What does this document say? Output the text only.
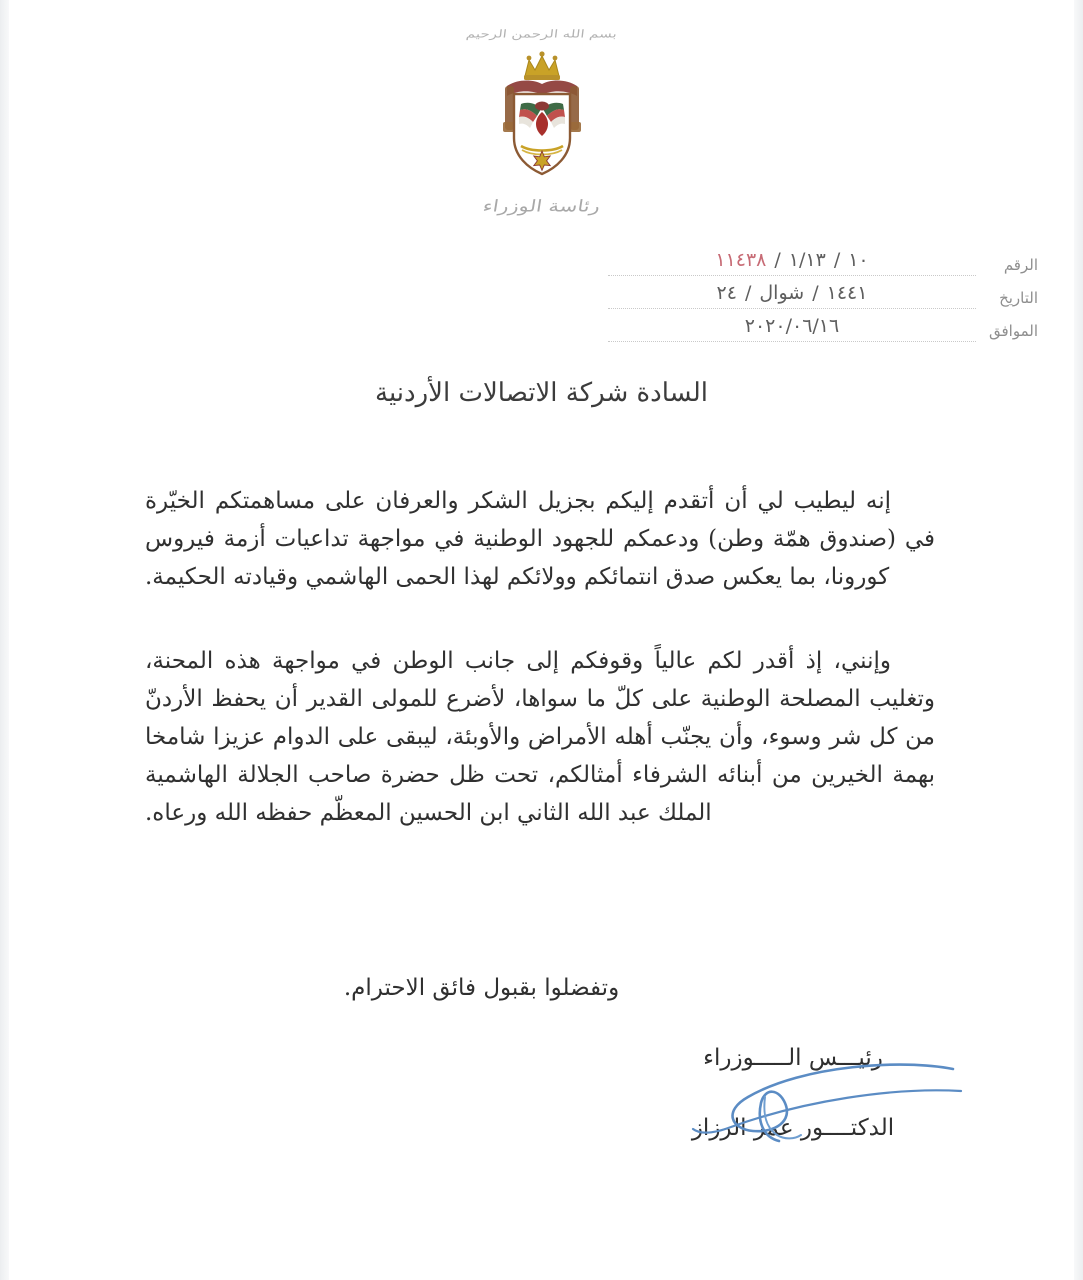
بسم الله الرحمن الرحيم
رئاسة الوزراء
الرقم
١١٤٣٨ / ١/١٣ / ١٠
التاريخ
١٤٤١/شوال/٢٤
الموافق
٢٠٢٠/٠٦/١٦
السادة شركة الاتصالات الأردنية

إنه ليطيب لي أن أتقدم إليكم بجزيل الشكر والعرفان على مساهمتكم الخيّرة في (صندوق همّة وطن) ودعمكم للجهود الوطنية في مواجهة تداعيات أزمة فيروس كورونا، بما يعكس صدق انتمائكم وولائكم لهذا الحمى الهاشمي وقيادته الحكيمة.

وإنني، إذ أقدر لكم عالياً وقوفكم إلى جانب الوطن في مواجهة هذه المحنة، وتغليب المصلحة الوطنية على كلّ ما سواها، لأضرع للمولى القدير أن يحفظ الأردنّ من كل شر وسوء، وأن يجنّب أهله الأمراض والأوبئة، ليبقى على الدوام عزيزا شامخا بهمة الخيرين من أبنائه الشرفاء أمثالكم، تحت ظل حضرة صاحب الجلالة الهاشمية الملك عبد الله الثاني ابن الحسين المعظّم حفظه الله ورعاه.

وتفضلوا بقبول فائق الاحترام.
رئيـــس الـــــوزراء
الدكتــــور عمر الرزاز
